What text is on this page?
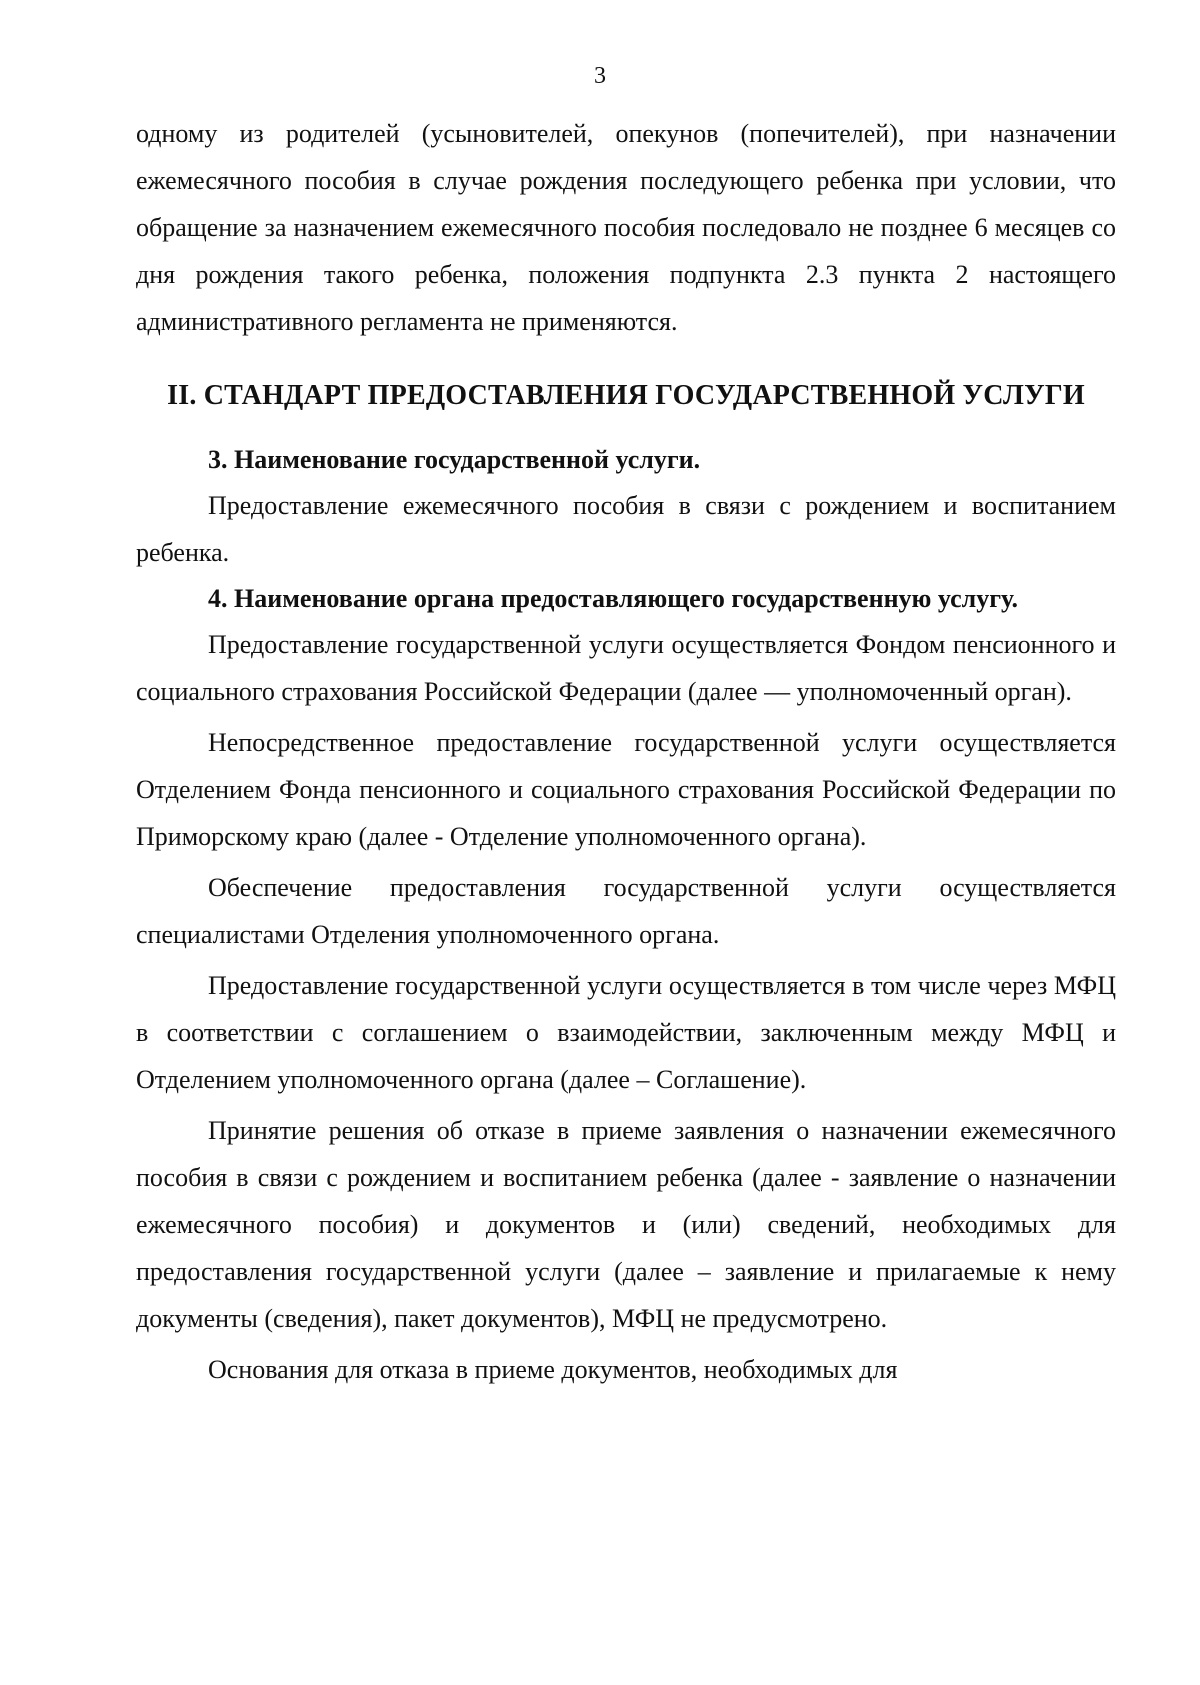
3

одному из родителей (усыновителей, опекунов (попечителей), при назначении ежемесячного пособия в случае рождения последующего ребенка при условии, что обращение за назначением ежемесячного пособия последовало не позднее 6 месяцев со дня рождения такого ребенка, положения подпункта 2.3 пункта 2 настоящего административного регламента не применяются.

II. СТАНДАРТ ПРЕДОСТАВЛЕНИЯ ГОСУДАРСТВЕННОЙ УСЛУГИ
3. Наименование государственной услуги.

Предоставление ежемесячного пособия в связи с рождением и воспитанием ребенка.

4. Наименование органа предоставляющего государственную услугу.

Предоставление государственной услуги осуществляется Фондом пенсионного и социального страхования Российской Федерации (далее — уполномоченный орган).

Непосредственное предоставление государственной услуги осуществляется Отделением Фонда пенсионного и социального страхования Российской Федерации по Приморскому краю (далее - Отделение уполномоченного органа).

Обеспечение предоставления государственной услуги осуществляется специалистами Отделения уполномоченного органа.

Предоставление государственной услуги осуществляется в том числе через МФЦ в соответствии с соглашением о взаимодействии, заключенным между МФЦ и Отделением уполномоченного органа (далее – Соглашение).

Принятие решения об отказе в приеме заявления о назначении ежемесячного пособия в связи с рождением и воспитанием ребенка (далее - заявление о назначении ежемесячного пособия) и документов и (или) сведений, необходимых для предоставления государственной услуги (далее – заявление и прилагаемые к нему документы (сведения), пакет документов), МФЦ не предусмотрено.

Основания для отказа в приеме документов, необходимых для
